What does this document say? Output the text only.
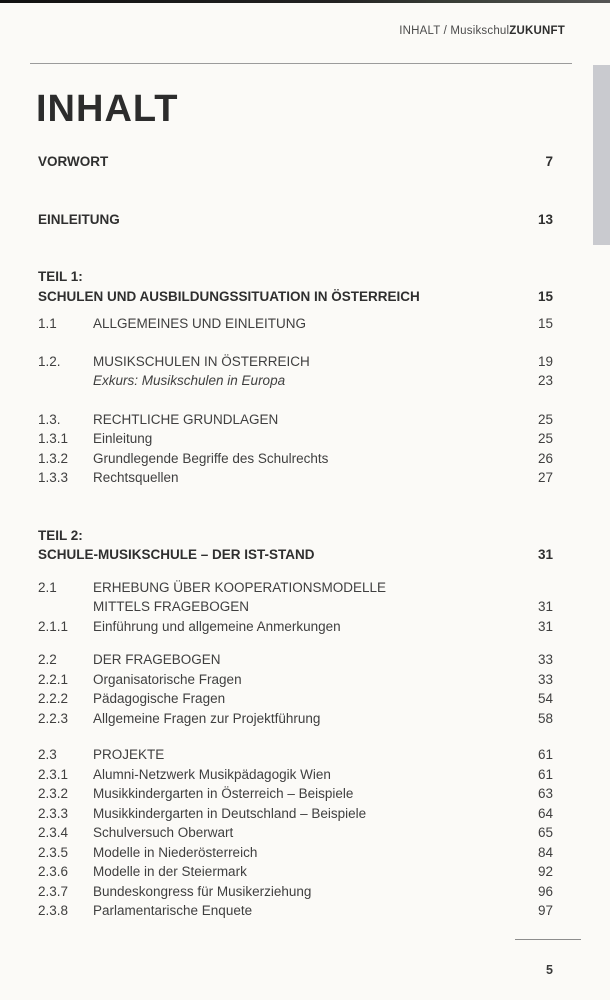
INHALT / MusikschulZUKUNFT
INHALT
VORWORT	7
EINLEITUNG	13
TEIL 1:
SCHULEN UND AUSBILDUNGSSITUATION IN ÖSTERREICH	15
1.1	ALLGEMEINES UND EINLEITUNG	15
1.2.	MUSIKSCHULEN IN ÖSTERREICH	19
Exkurs: Musikschulen in Europa	23
1.3.	RECHTLICHE GRUNDLAGEN	25
1.3.1	Einleitung	25
1.3.2	Grundlegende Begriffe des Schulrechts	26
1.3.3	Rechtsquellen	27
TEIL 2:
SCHULE-MUSIKSCHULE – DER IST-STAND	31
2.1	ERHEBUNG ÜBER KOOPERATIONSMODELLE
MITTELS FRAGEBOGEN	31
2.1.1	Einführung und allgemeine Anmerkungen	31
2.2	DER FRAGEBOGEN	33
2.2.1	Organisatorische Fragen	33
2.2.2	Pädagogische Fragen	54
2.2.3	Allgemeine Fragen zur Projektführung	58
2.3	PROJEKTE	61
2.3.1	Alumni-Netzwerk Musikpädagogik Wien	61
2.3.2	Musikkindergarten in Österreich – Beispiele	63
2.3.3	Musikkindergarten in Deutschland – Beispiele	64
2.3.4	Schulversuch Oberwart	65
2.3.5	Modelle in Niederösterreich	84
2.3.6	Modelle in der Steiermark	92
2.3.7	Bundeskongress für Musikerziehung	96
2.3.8	Parlamentarische Enquete	97
5
